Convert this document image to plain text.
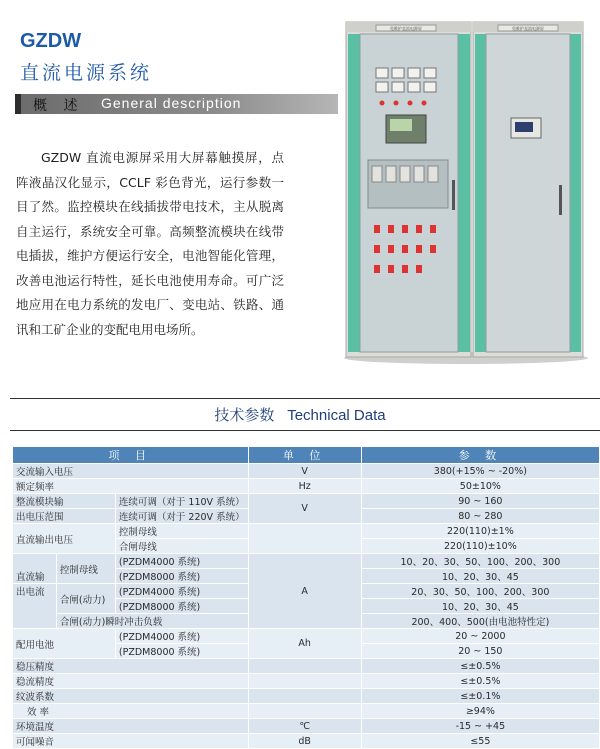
GZDW
直流电源系统
概 述 General description

GZDW 直流电源屏采用大屏幕触摸屏，点阵液晶汉化显示，CCLF 彩色背光，运行参数一目了然。监控模块在线插拔带电技术，主从脱离自主运行，系统安全可靠。高频整流模块在线带电插拔，维护方便运行安全，电池智能化管理，改善电池运行特性，延长电池使用寿命。可广泛地应用在电力系统的发电厂、变电站、铁路、通讯和工矿企业的变配电用电场所。

免维护直流电源屏	免维护直流电源屏
技术参数 Technical Data
项 目			单 位	参 数
交流输入电压			V	380(+15% ~ -20%)
额定频率			Hz	50±10%
整流模块输		连续可调（对于 110V 系统）	V	90 ~ 160
出电压范围		连续可调（对于 220V 系统）		80 ~ 280
直流输出电压		控制母线		220(110)±1%
		合闸母线		220(110)±10%
直流输	控制母线	(PZDM4000 系统)	A	10、20、30、50、100、200、300
		(PZDM8000 系统)		10、20、30、45
出电流	合闸(动力)	(PZDM4000 系统)		20、30、50、100、200、300
		(PZDM8000 系统)		10、20、30、45
	合闸(动力)瞬时冲击负载			200、400、500(由电池特性定)
配用电池		(PZDM4000 系统)	Ah	20 ~ 2000
		(PZDM8000 系统)		20 ~ 150
稳压精度				≤±0.5%
稳流精度				≤±0.5%
纹波系数				≤±0.1%
效 率				≥94%
环境温度			℃	-15 ~ +45
可闻噪音			dB	≤55
